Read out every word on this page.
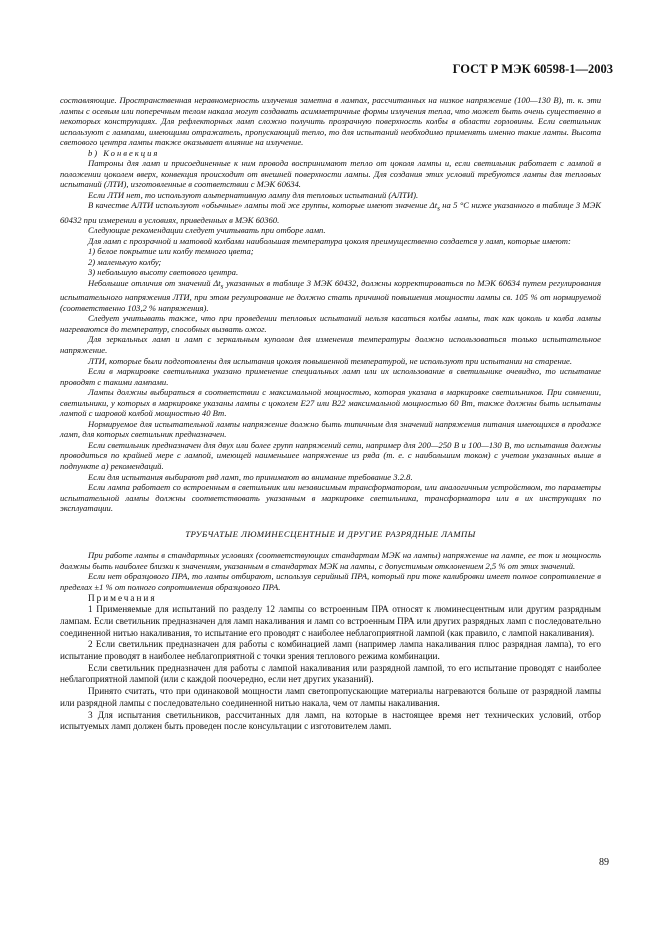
ГОСТ Р МЭК 60598-1—2003

составляющие. Пространственная неравномерность излучения заметна в лампах, рассчитанных на низкое напряжение (100—130 В), т. к. эти лампы с осевым или поперечным телом накала могут создавать асимметричные формы излучения тепла, что может быть очень существенно в некоторых конструкциях. Для рефлекторных ламп сложно получить прозрачную поверхность колбы в области горловины. Если светильник используют с лампами, имеющими отражатель, пропускающий тепло, то для испытаний необходимо применять именно такие лампы. Высота светового центра лампы также оказывает влияние на излучение.

b) Конвекция

Патроны для ламп и присоединенные к ним провода воспринимают тепло от цоколя лампы и, если светильник работает с лампой в положении цоколем вверх, конвекция происходит от внешней поверхности лампы. Для создания этих условий требуются лампы для тепловых испытаний (ЛТИ), изготовленные в соответствии с МЭК 60634.

Если ЛТИ нет, то используют альтернативную лампу для тепловых испытаний (АЛТИ).

В качестве АЛТИ используют «обычные» лампы той же группы, которые имеют значение $\Delta t_s$ на 5 °С ниже указанного в таблице 3 МЭК 60432 при измерении в условиях, приведенных в МЭК 60360.

Следующие рекомендации следует учитывать при отборе ламп.

Для ламп с прозрачной и матовой колбами наибольшая температура цоколя преимущественно создается у ламп, которые имеют:

1) белое покрытие или колбу темного цвета;

2) маленькую колбу;

3) небольшую высоту светового центра.

Небольшие отличия от значений $\Delta t_s$ указанных в таблице 3 МЭК 60432, должны корректироваться по МЭК 60634 путем регулирования испытательного напряжения ЛТИ, при этом регулирование не должно стать причиной повышения мощности лампы св. 105 % от нормируемой (соответственно 103,2 % напряжения).

Следует учитывать также, что при проведении тепловых испытаний нельзя касаться колбы лампы, так как цоколь и колба лампы нагреваются до температур, способных вызвать ожог.

Для зеркальных ламп и ламп с зеркальным куполом для изменения температуры должно использоваться только испытательное напряжение.

ЛТИ, которые были подготовлены для испытания цоколя повышенной температурой, не используют при испытании на старение.

Если в маркировке светильника указано применение специальных ламп или их использование в светильнике очевидно, то испытание проводят с такими лампами.

Лампы должны выбираться в соответствии с максимальной мощностью, которая указана в маркировке светильников. При сомнении, светильники, у которых в маркировке указаны лампы с цоколем Е27 или В22 максимальной мощностью 60 Вт, также должны быть испытаны лампой с шаровой колбой мощностью 40 Вт.

Нормируемое для испытательной лампы напряжение должно быть типичным для значений напряжения питания имеющихся в продаже ламп, для которых светильник предназначен.

Если светильник предназначен для двух или более групп напряжений сети, например для 200—250 В и 100—130 В, то испытания должны проводиться по крайней мере с лампой, имеющей наименьшее напряжение из ряда (т. е. с наибольшим током) с учетом указанных выше в подпункте а) рекомендаций.

Если для испытания выбирают ряд ламп, то принимают во внимание требование 3.2.8.

Если лампа работает со встроенным в светильник или независимым трансформатором, или аналогичным устройством, то параметры испытательной лампы должны соответствовать указанным в маркировке светильника, трансформатора или в их инструкциях по эксплуатации.

ТРУБЧАТЫЕ ЛЮМИНЕСЦЕНТНЫЕ И ДРУГИЕ РАЗРЯДНЫЕ ЛАМПЫ

При работе лампы в стандартных условиях (соответствующих стандартам МЭК на лампы) напряжение на лампе, ее ток и мощность должны быть наиболее близки к значениям, указанным в стандартах МЭК на лампы, с допустимым отклонением 2,5 % от этих значений.

Если нет образцового ПРА, то лампы отбирают, используя серийный ПРА, который при токе калибровки имеет полное сопротивление в пределах ±1 % от полного сопротивления образцового ПРА.

Примечания

1 Применяемые для испытаний по разделу 12 лампы со встроенным ПРА относят к люминесцентным или другим разрядным лампам. Если светильник предназначен для ламп накаливания и ламп со встроенным ПРА или других разрядных ламп с последовательно соединенной нитью накаливания, то испытание его проводят с наиболее неблагоприятной лампой (как правило, с лампой накаливания).

2 Если светильник предназначен для работы с комбинацией ламп (например лампа накаливания плюс разрядная лампа), то его испытание проводят в наиболее неблагоприятной с точки зрения теплового режима комбинации.

Если светильник предназначен для работы с лампой накаливания или разрядной лампой, то его испытание проводят с наиболее неблагоприятной лампой (или с каждой поочередно, если нет других указаний).

Принято считать, что при одинаковой мощности ламп светопропускающие материалы нагреваются больше от разрядной лампы или разрядной лампы с последовательно соединенной нитью накала, чем от лампы накаливания.

3 Для испытания светильников, рассчитанных для ламп, на которые в настоящее время нет технических условий, отбор испытуемых ламп должен быть проведен после консультации с изготовителем ламп.

89
